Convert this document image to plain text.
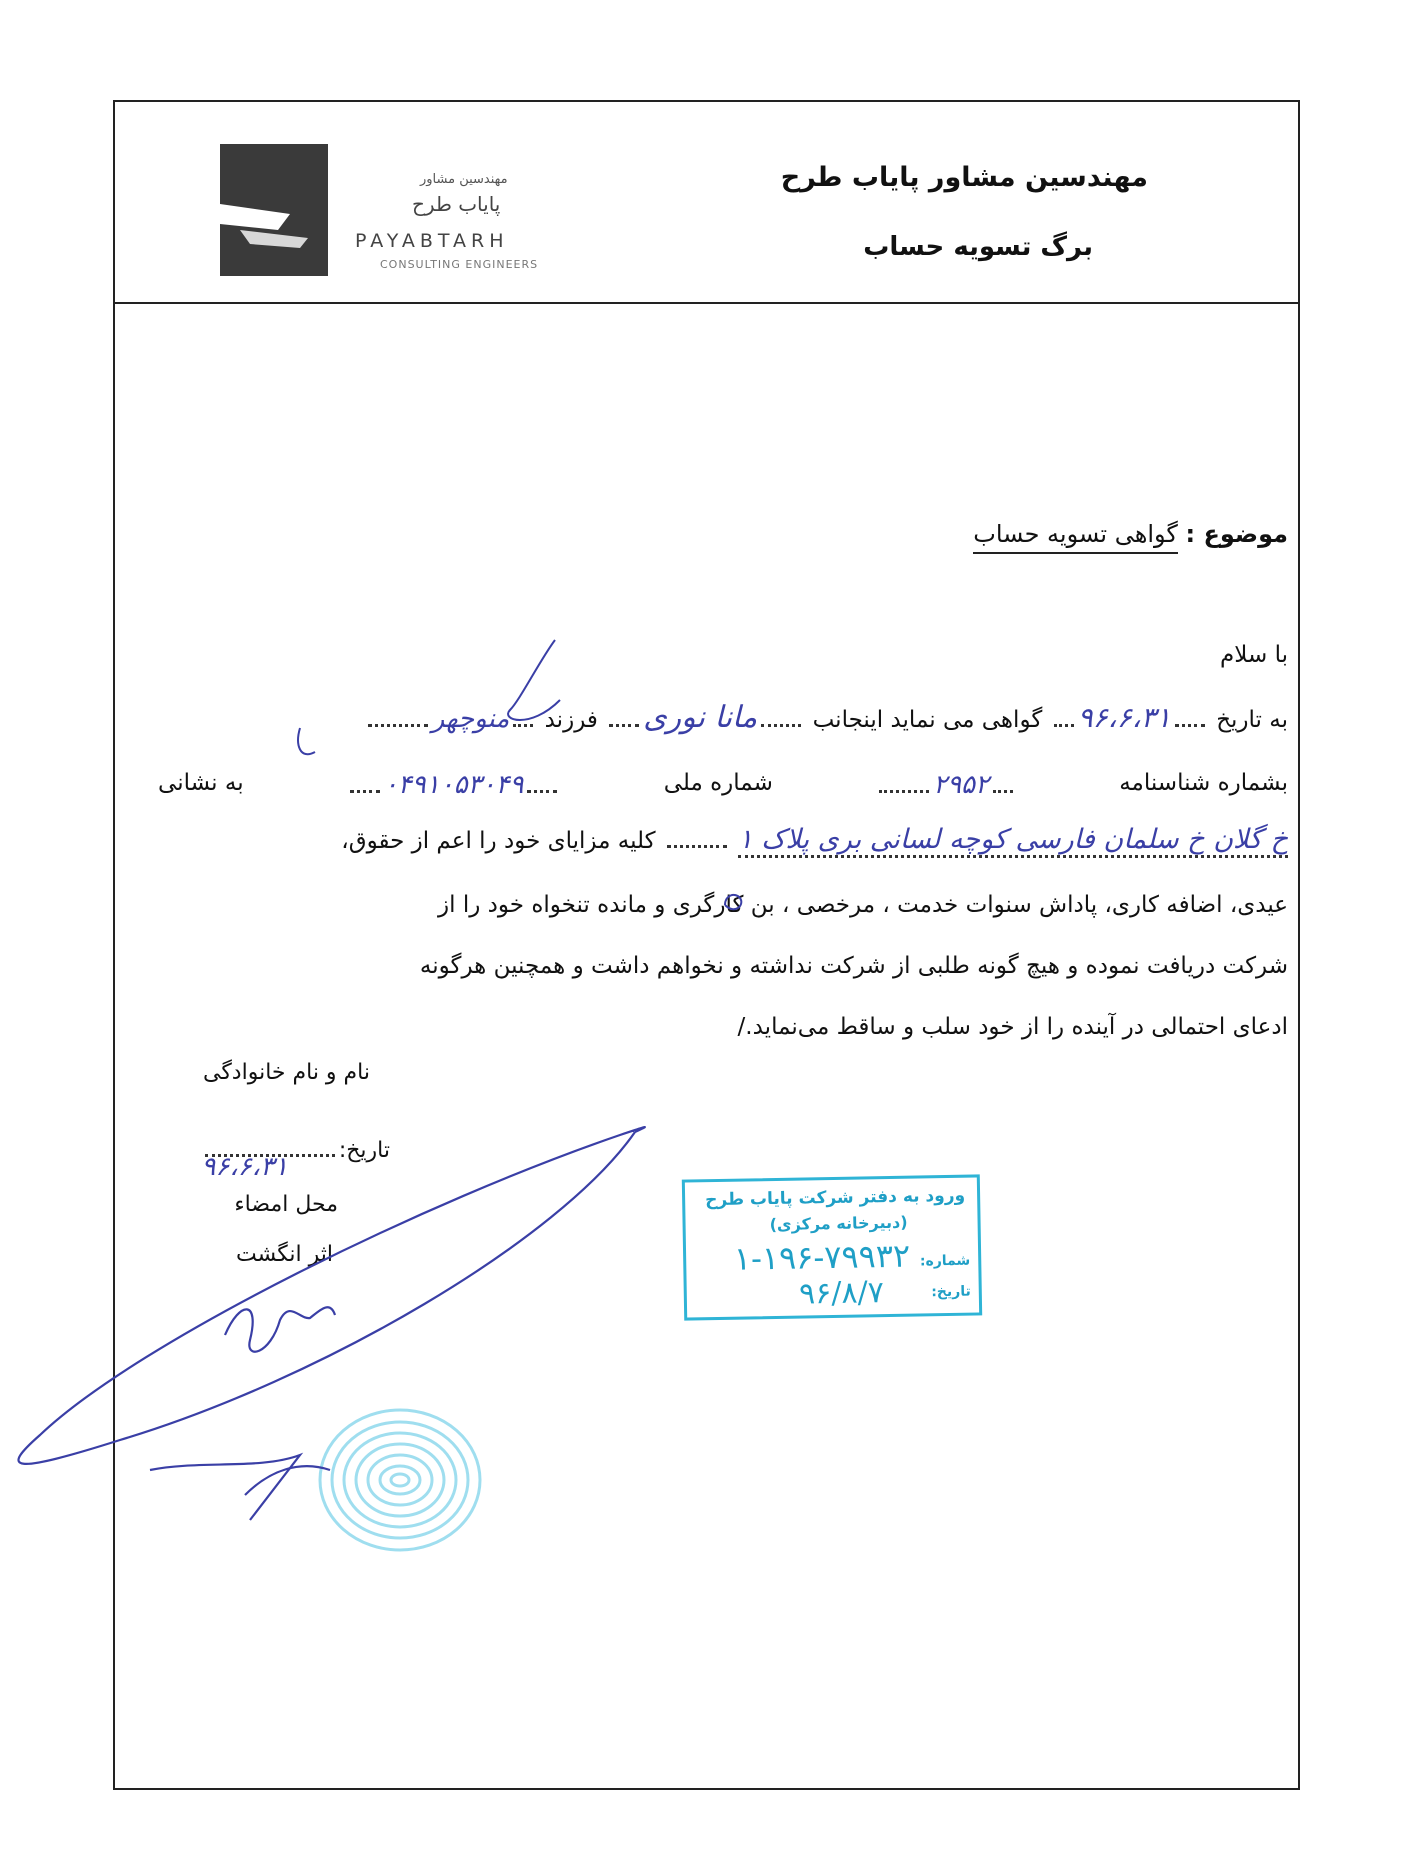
مهندسین مشاور
پایاب طرح
PAYABTARH
CONSULTING ENGINEERS
مهندسین مشاور پایاب طرح
برگ تسویه حساب
موضوع : گواهی تسویه حساب
با سلام
به تاریخ ۹۶،۶،۳۱ گواهی می نماید اینجانب مانا نوری فرزند منوچهر
بشماره شناسنامه
۲۹۵۲
شماره ملی
۰۴۹۱۰۵۳۰۴۹
به نشانی
خ گلان خ سلمان فارسی کوچه لسانی بری پلاک ۱  کلیه مزایای خود را اعم از حقوق،
عیدی، اضافه کاری، پاداش سنوات خدمت ، مرخصی ، بن کارگری و مانده تنخواه خود را از
شرکت دریافت نموده و هیچ گونه طلبی از شرکت نداشته و نخواهم داشت و همچنین هرگونه
ادعای احتمالی در آینده را از خود سلب و ساقط می‌نماید./
نام و نام خانوادگی
تاریخ:
۹۶،۶،۳۱
محل امضاء
اثر انگشت
ورود به دفتر شرکت پایاب طرح
(دبیرخانه مرکزی)
شماره:
۱-۱۹۶-۷۹۹۳۲
تاریخ:
۹۶/۸/۷
